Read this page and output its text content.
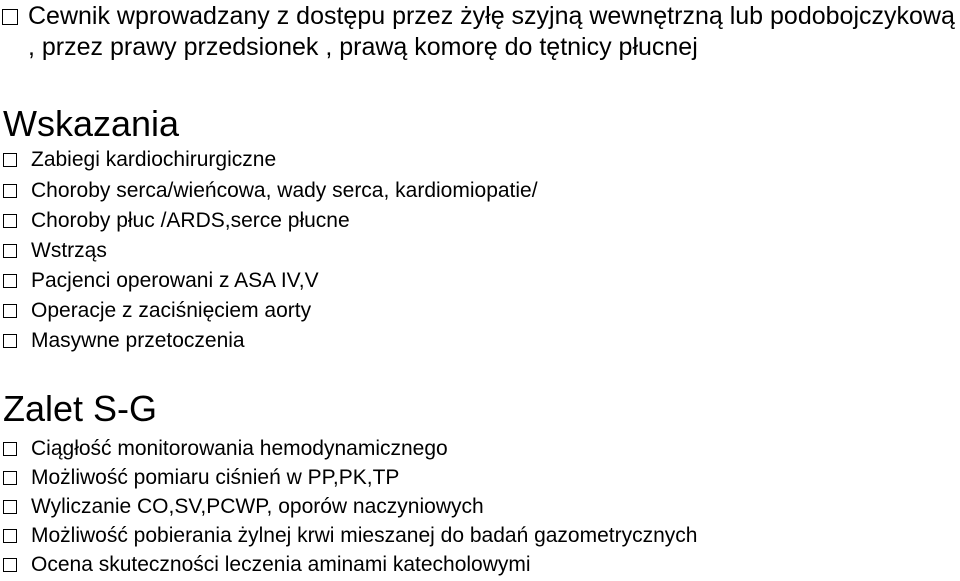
Cewnik wprowadzany z dostępu przez żyłę szyjną wewnętrzną lub podobojczykową , przez prawy przedsionek , prawą komorę do tętnicy płucnej
Wskazania
Zabiegi kardiochirurgiczne
Choroby serca/wieńcowa, wady serca, kardiomiopatie/
Choroby płuc /ARDS,serce płucne
Wstrząs
Pacjenci operowani z ASA IV,V
Operacje z zaciśnięciem aorty
Masywne przetoczenia
Zalet S-G
Ciągłość monitorowania hemodynamicznego
Możliwość pomiaru ciśnień w PP,PK,TP
Wyliczanie CO,SV,PCWP, oporów naczyniowych
Możliwość pobierania żylnej krwi mieszanej do badań gazometrycznych
Ocena skuteczności leczenia aminami katecholowymi
